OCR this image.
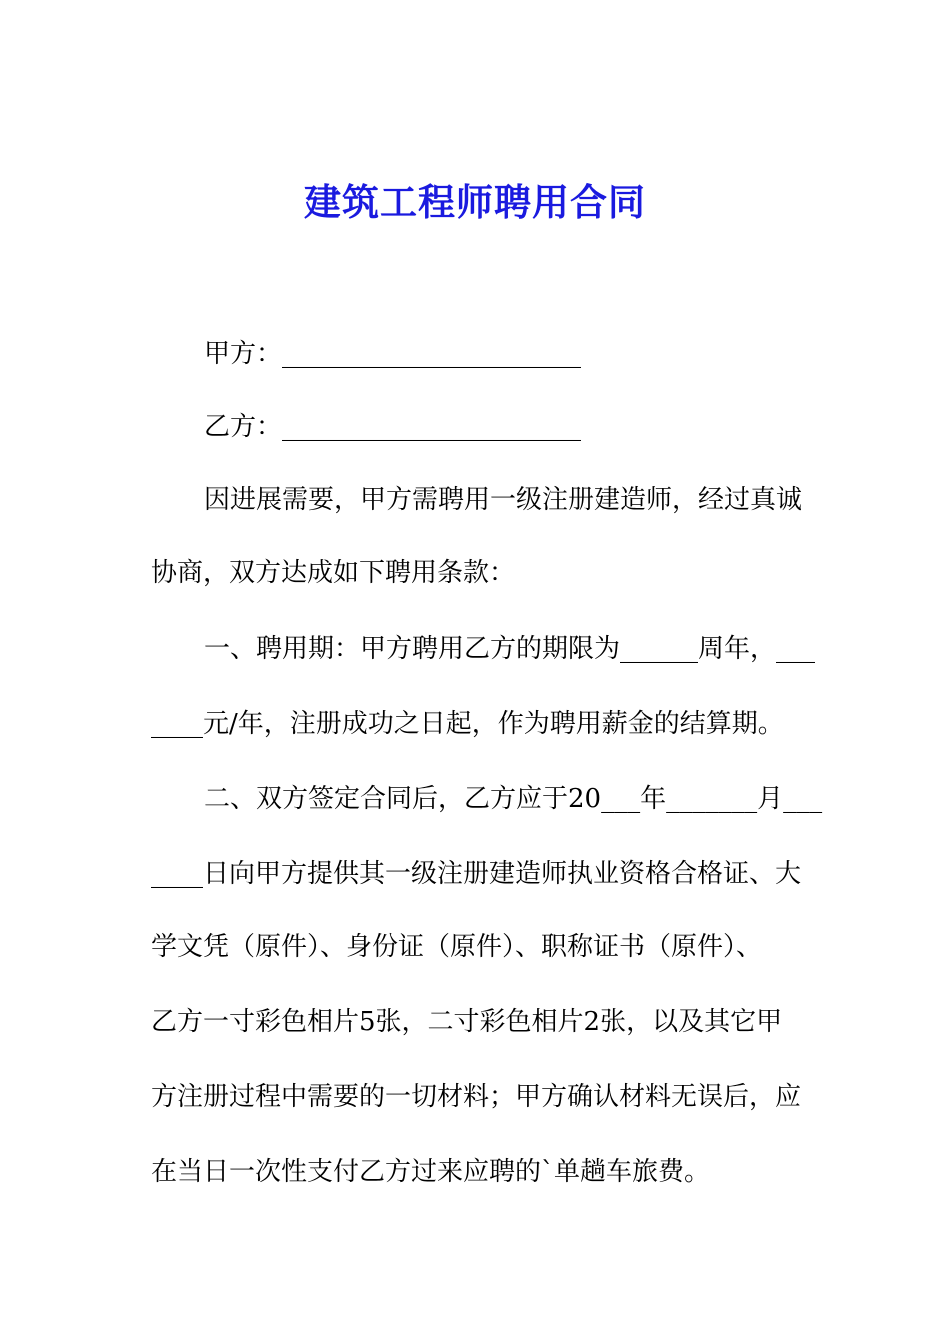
建筑工程师聘用合同
甲方：_______________________
乙方：_______________________
因进展需要，甲方需聘用一级注册建造师，经过真诚
协商，双方达成如下聘用条款：
一、聘用期：甲方聘用乙方的期限为______周年，___
____元/年，注册成功之日起，作为聘用薪金的结算期。
二、双方签定合同后，乙方应于20___年_______月___
____日向甲方提供其一级注册建造师执业资格合格证、大
学文凭（原件）、身份证（原件）、职称证书（原件）、
乙方一寸彩色相片5张，二寸彩色相片2张，以及其它甲
方注册过程中需要的一切材料；甲方确认材料无误后，应
在当日一次性支付乙方过来应聘的`单趟车旅费。
